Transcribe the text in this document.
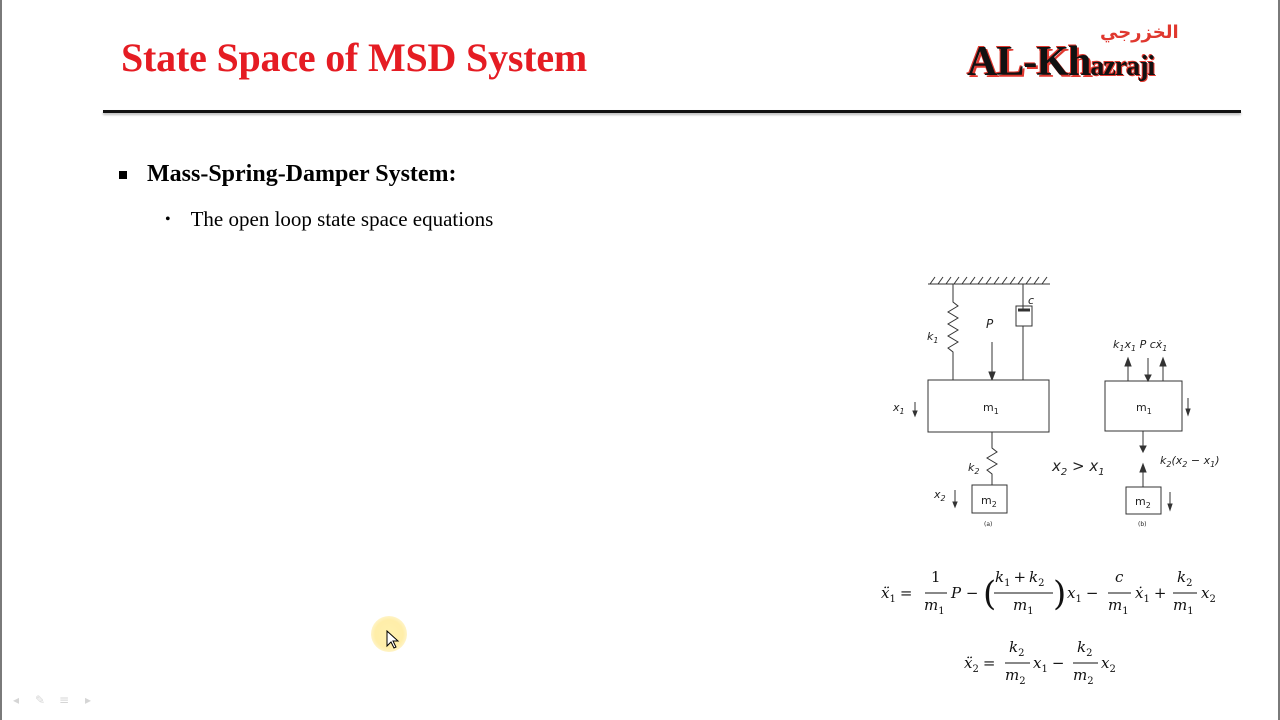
State Space of MSD System
الخزرجي
AL-Khazraji
Mass-Spring-Damper System:
• The open loop state space equations
c
P
$k_1$
$m_1$
$x_1$
$k_2$
$m_2$
$x_2$
(a)
$x_2 > x_1$
$k_1x_1$ P cẋ$_1$
$m_1$
$k_2(x_2 - x_1)$
$m_2$
(b)
ẍ$_1$ =
1
$m_1$
P − (
$k_1 + k_2$
$m_1$ ) $x_1$ −
c
$m_1$
ẋ$_1$ +
$k_2$
$m_1$
$x_2$
ẍ$_2$ =
$k_2$
$m_2$
$x_1$ −
$k_2$
$m_2$
$x_2$
◂	✎ ≡	▸
